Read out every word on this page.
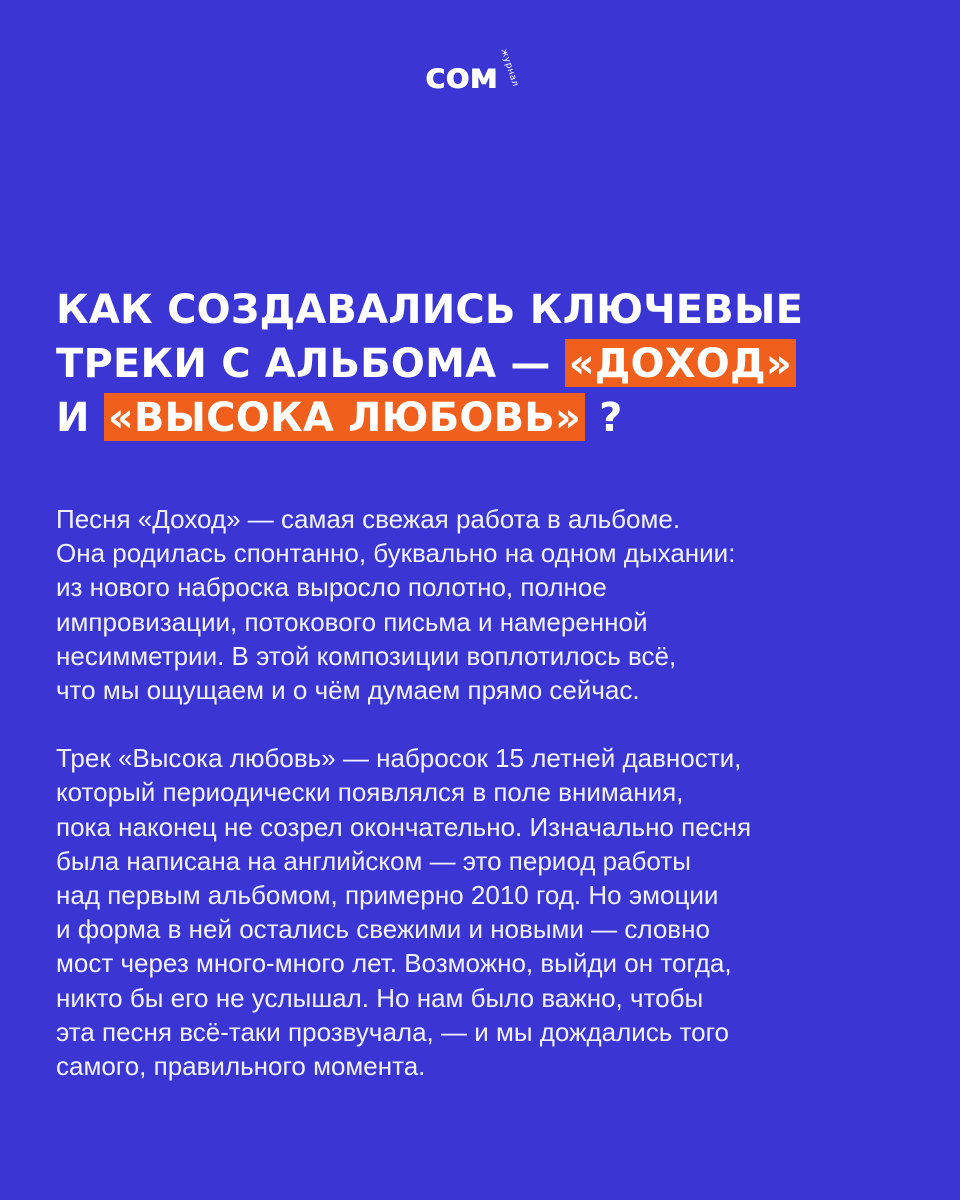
сом журнал
КАК СОЗДАВАЛИСЬ КЛЮЧЕВЫЕ
ТРЕКИ С АЛЬБОМА — «ДОХОД»
И «ВЫСОКА ЛЮБОВЬ» ?

Песня «Доход» — самая свежая работа в альбоме.
Она родилась спонтанно, буквально на одном дыхании:
из нового наброска выросло полотно, полное
импровизации, потокового письма и намеренной
несимметрии. В этой композиции воплотилось всё,
что мы ощущаем и о чём думаем прямо сейчас.

Трек «Высока любовь» — набросок 15 летней давности,
который периодически появлялся в поле внимания,
пока наконец не созрел окончательно. Изначально песня
была написана на английском — это период работы
над первым альбомом, примерно 2010 год. Но эмоции
и форма в ней остались свежими и новыми — словно
мост через много-много лет. Возможно, выйди он тогда,
никто бы его не услышал. Но нам было важно, чтобы
эта песня всё-таки прозвучала, — и мы дождались того
самого, правильного момента.
